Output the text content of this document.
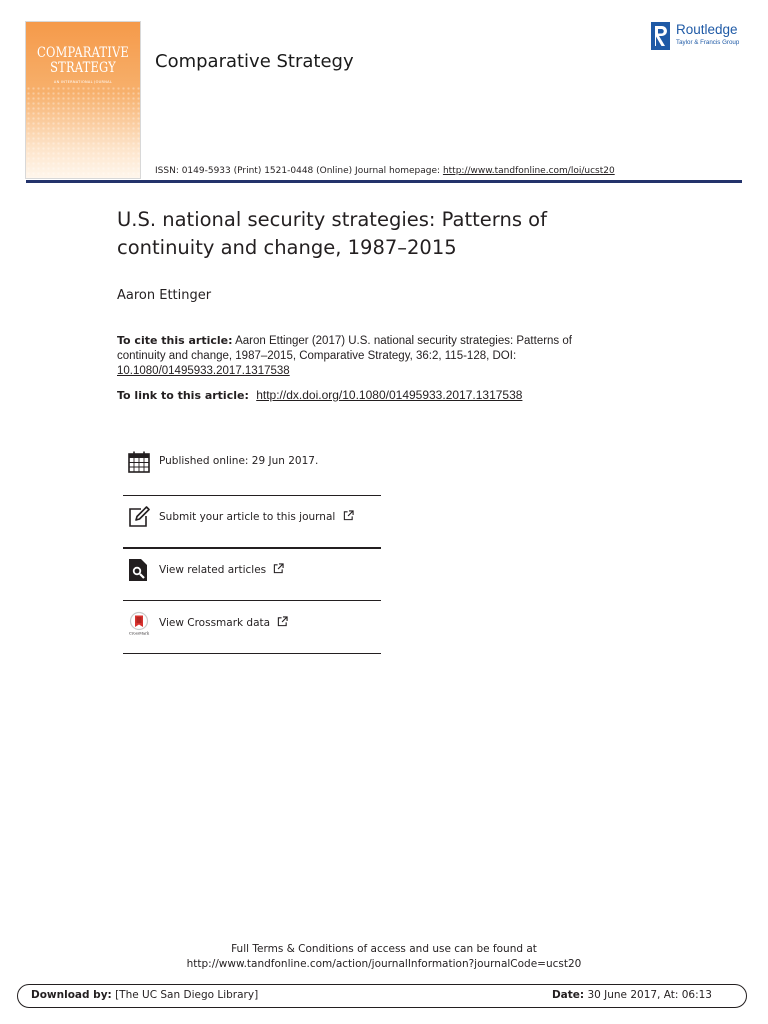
COMPARATIVE
STRATEGY
AN INTERNATIONAL JOURNAL
Comparative Strategy
Routledge
Taylor & Francis Group
ISSN: 0149-5933 (Print) 1521-0448 (Online) Journal homepage: http://www.tandfonline.com/loi/ucst20
U.S. national security strategies: Patterns of continuity and change, 1987–2015
Aaron Ettinger
To cite this article: Aaron Ettinger (2017) U.S. national security strategies: Patterns of continuity and change, 1987–2015, Comparative Strategy, 36:2, 115-128, DOI: 10.1080/01495933.2017.1317538
To link to this article: http://dx.doi.org/10.1080/01495933.2017.1317538
Published online: 29 Jun 2017.
Submit your article to this journal
View related articles
CrossMark
View Crossmark data
Full Terms & Conditions of access and use can be found at
http://www.tandfonline.com/action/journalInformation?journalCode=ucst20
Download by: [The UC San Diego Library]	Date: 30 June 2017, At: 06:13
